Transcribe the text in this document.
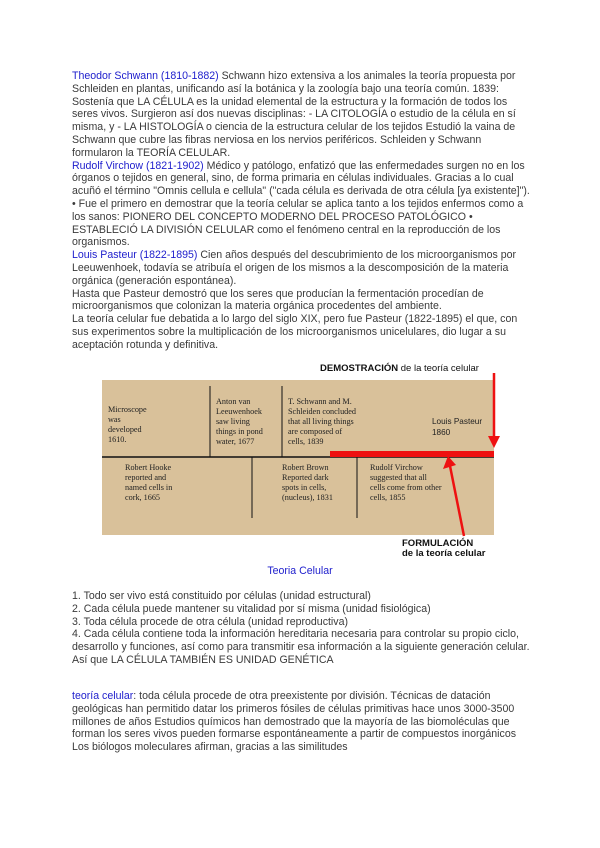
Theodor Schwann (1810-1882) Schwann hizo extensiva a los animales la teoría propuesta por Schleiden en plantas, unificando así la botánica y la zoología bajo una teoría común. 1839: Sostenía que LA CÉLULA es la unidad elemental de la estructura y la formación de todos los seres vivos. Surgieron así dos nuevas disciplinas: - LA CITOLOGÍA o estudio de la célula en sí misma, y - LA HISTOLOGÍA o ciencia de la estructura celular de los tejidos Estudió la vaina de Schwann que cubre las fibras nerviosa en los nervios periféricos. Schleiden y Schwann formularon la TEORÍA CELULAR.

Rudolf Virchow (1821-1902) Médico y patólogo, enfatizó que las enfermedades surgen no en los órganos o tejidos en general, sino, de forma primaria en células individuales. Gracias a lo cual acuñó el término "Omnis cellula e cellula" ("cada célula es derivada de otra célula [ya existente]"). • Fue el primero en demostrar que la teoría celular se aplica tanto a los tejidos enfermos como a los sanos: PIONERO DEL CONCEPTO MODERNO DEL PROCESO PATOLÓGICO • ESTABLECIÓ LA DIVISIÓN CELULAR como el fenómeno central en la reproducción de los organismos.

Louis Pasteur (1822-1895) Cien años después del descubrimiento de los microorganismos por Leeuwenhoek, todavía se atribuía el origen de los mismos a la descomposición de la materia orgánica (generación espontánea).

Hasta que Pasteur demostró que los seres que producían la fermentación procedían de microorganismos que colonizan la materia orgánica procedentes del ambiente.

La teoría celular fue debatida a lo largo del siglo XIX, pero fue Pasteur (1822-1895) el que, con sus experimentos sobre la multiplicación de los microorganismos unicelulares, dio lugar a su aceptación rotunda y definitiva.

DEMOSTRACIÓN de la teoría celular
Microscope
was
developed
1610.
Anton van
Leeuwenhoek
saw living
things in pond
water, 1677
T. Schwann and M.
Schleiden concluded
that all living things
are composed of
cells, 1839
Louis Pasteur
1860
Robert Hooke
reported and
named cells in
cork, 1665
Robert Brown
Reported dark
spots in cells,
(nucleus), 1831
Rudolf Virchow
suggested that all
cells come from other
cells, 1855
FORMULACIÓN
de la teoría celular
Teoria Celular
1. Todo ser vivo está constituido por células (unidad estructural)
2. Cada célula puede mantener su vitalidad por sí misma (unidad fisiológica)
3. Toda célula procede de otra célula (unidad reproductiva)
4. Cada célula contiene toda la información hereditaria necesaria para controlar su propio ciclo, desarrollo y funciones, así como para transmitir esa información a la siguiente generación celular. Así que LA CÉLULA TAMBIÉN ES UNIDAD GENÉTICA

teoría celular: toda célula procede de otra preexistente por división. Técnicas de datación geológicas han permitido datar los primeros fósiles de células primitivas hace unos 3000-3500 millones de años Estudios químicos han demostrado que la mayoría de las biomoléculas que forman los seres vivos pueden formarse espontáneamente a partir de compuestos inorgánicos Los biólogos moleculares afirman, gracias a las similitudes
